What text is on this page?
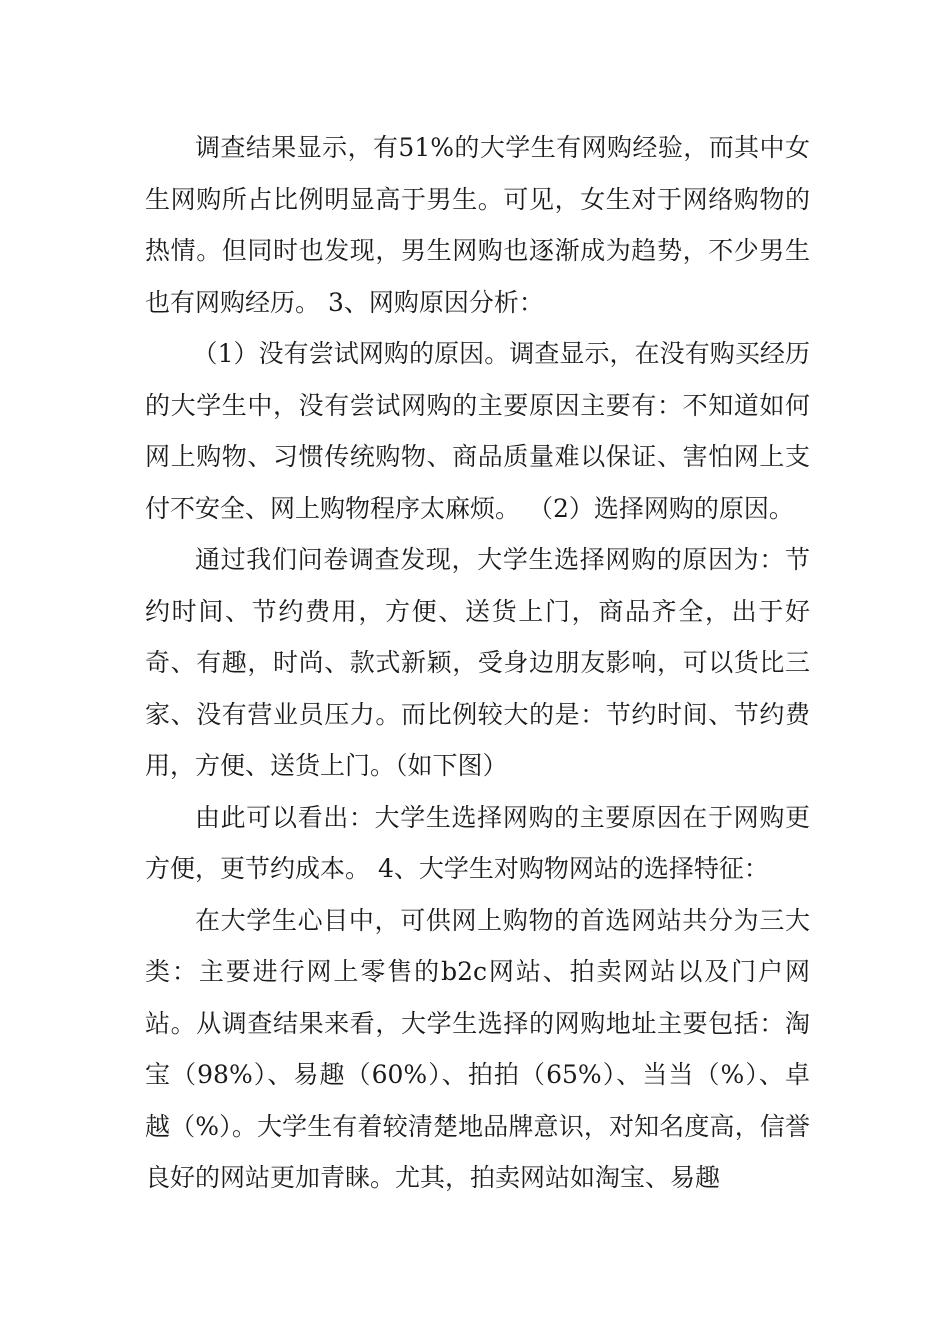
调查结果显示，有51%的大学生有网购经验，而其中女生网购所占比例明显高于男生。可见，女生对于网络购物的热情。但同时也发现，男生网购也逐渐成为趋势，不少男生也有网购经历。 3、网购原因分析：

（1）没有尝试网购的原因。调查显示，在没有购买经历的大学生中，没有尝试网购的主要原因主要有：不知道如何网上购物、习惯传统购物、商品质量难以保证、害怕网上支付不安全、网上购物程序太麻烦。 （2）选择网购的原因。

通过我们问卷调查发现，大学生选择网购的原因为：节约时间、节约费用，方便、送货上门，商品齐全，出于好奇、有趣，时尚、款式新颖，受身边朋友影响，可以货比三家、没有营业员压力。而比例较大的是：节约时间、节约费用，方便、送货上门。（如下图）

由此可以看出：大学生选择网购的主要原因在于网购更方便，更节约成本。 4、大学生对购物网站的选择特征：

在大学生心目中，可供网上购物的首选网站共分为三大类：主要进行网上零售的b2c网站、拍卖网站以及门户网站。从调查结果来看，大学生选择的网购地址主要包括：淘宝（98%）、易趣（60%）、拍拍（65%）、当当（%）、卓越（%）。大学生有着较清楚地品牌意识，对知名度高，信誉良好的网站更加青睐。尤其，拍卖网站如淘宝、易趣
